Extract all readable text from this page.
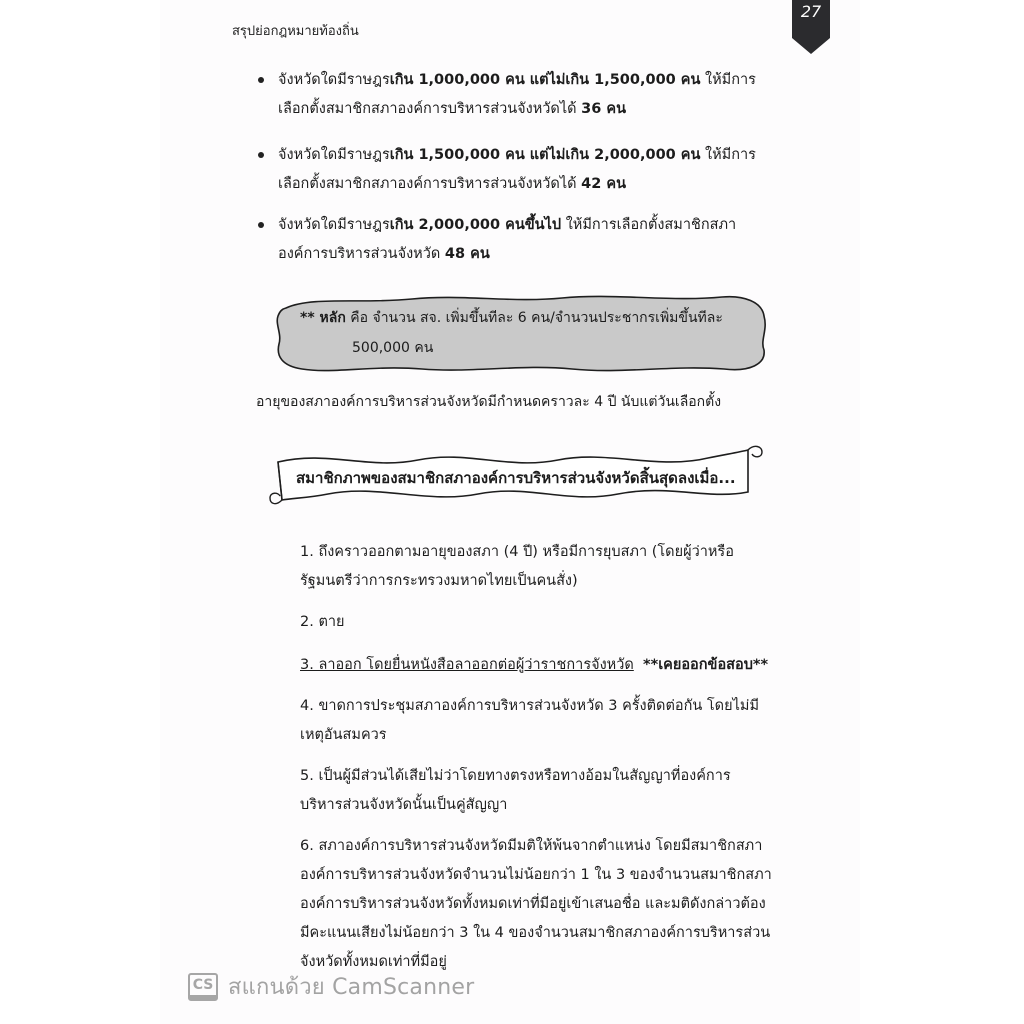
สรุปย่อกฎหมายท้องถิ่น
27
จังหวัดใดมีราษฎรเกิน 1,000,000 คน แต่ไม่เกิน 1,500,000 คน ให้มีการ
เลือกตั้งสมาชิกสภาองค์การบริหารส่วนจังหวัดได้ 36 คน
จังหวัดใดมีราษฎรเกิน 1,500,000 คน แต่ไม่เกิน 2,000,000 คน ให้มีการ
เลือกตั้งสมาชิกสภาองค์การบริหารส่วนจังหวัดได้ 42 คน
จังหวัดใดมีราษฎรเกิน 2,000,000 คนขึ้นไป ให้มีการเลือกตั้งสมาชิกสภา
องค์การบริหารส่วนจังหวัด 48 คน
** หลัก คือ จำนวน สจ. เพิ่มขึ้นทีละ 6 คน/จำนวนประชากรเพิ่มขึ้นทีละ
500,000 คน
อายุของสภาองค์การบริหารส่วนจังหวัดมีกำหนดคราวละ 4 ปี นับแต่วันเลือกตั้ง
สมาชิกภาพของสมาชิกสภาองค์การบริหารส่วนจังหวัดสิ้นสุดลงเมื่อ...
1. ถึงคราวออกตามอายุของสภา (4 ปี) หรือมีการยุบสภา (โดยผู้ว่าหรือ
รัฐมนตรีว่าการกระทรวงมหาดไทยเป็นคนสั่ง)
2. ตาย
3. ลาออก โดยยื่นหนังสือลาออกต่อผู้ว่าราชการจังหวัด **เคยออกข้อสอบ**
4. ขาดการประชุมสภาองค์การบริหารส่วนจังหวัด 3 ครั้งติดต่อกัน โดยไม่มี
เหตุอันสมควร
5. เป็นผู้มีส่วนได้เสียไม่ว่าโดยทางตรงหรือทางอ้อมในสัญญาที่องค์การ
บริหารส่วนจังหวัดนั้นเป็นคู่สัญญา
6. สภาองค์การบริหารส่วนจังหวัดมีมติให้พ้นจากตำแหน่ง โดยมีสมาชิกสภา
องค์การบริหารส่วนจังหวัดจำนวนไม่น้อยกว่า 1 ใน 3 ของจำนวนสมาชิกสภา
องค์การบริหารส่วนจังหวัดทั้งหมดเท่าที่มีอยู่เข้าเสนอชื่อ และมติดังกล่าวต้อง
มีคะแนนเสียงไม่น้อยกว่า 3 ใน 4 ของจำนวนสมาชิกสภาองค์การบริหารส่วน
จังหวัดทั้งหมดเท่าที่มีอยู่
CS สแกนด้วย CamScanner
